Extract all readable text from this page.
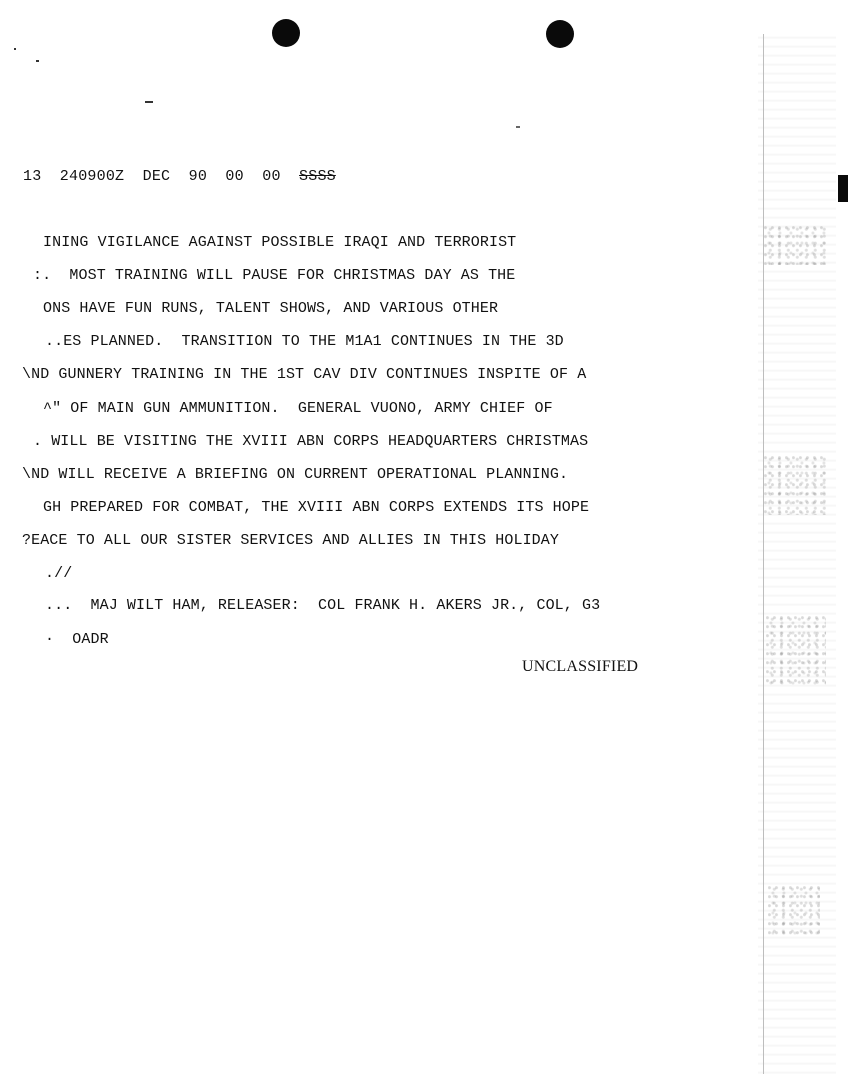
13  240900Z  DEC  90  00  00  SSSS
INING VIGILANCE AGAINST POSSIBLE IRAQI AND TERRORIST
:.  MOST TRAINING WILL PAUSE FOR CHRISTMAS DAY AS THE
ONS HAVE FUN RUNS, TALENT SHOWS, AND VARIOUS OTHER
..ES PLANNED.  TRANSITION TO THE M1A1 CONTINUES IN THE 3D
\ND GUNNERY TRAINING IN THE 1ST CAV DIV CONTINUES INSPITE OF A
^" OF MAIN GUN AMMUNITION.  GENERAL VUONO, ARMY CHIEF OF
. WILL BE VISITING THE XVIII ABN CORPS HEADQUARTERS CHRISTMAS
\ND WILL RECEIVE A BRIEFING ON CURRENT OPERATIONAL PLANNING.
GH PREPARED FOR COMBAT, THE XVIII ABN CORPS EXTENDS ITS HOPE
?EACE TO ALL OUR SISTER SERVICES AND ALLIES IN THIS HOLIDAY
.//
...  MAJ WILT HAM, RELEASER:  COL FRANK H. AKERS JR., COL, G3
·  OADR
UNCLASSIFIED
